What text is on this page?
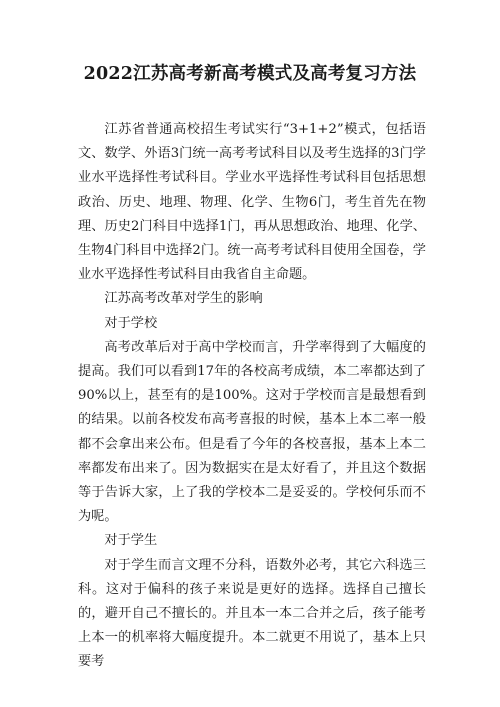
2022江苏高考新高考模式及高考复习方法

江苏省普通高校招生考试实行“3+1+2”模式，包括语文、数学、外语3门统一高考考试科目以及考生选择的3门学业水平选择性考试科目。学业水平选择性考试科目包括思想政治、历史、地理、物理、化学、生物6门，考生首先在物理、历史2门科目中选择1门，再从思想政治、地理、化学、生物4门科目中选择2门。统一高考考试科目使用全国卷，学业水平选择性考试科目由我省自主命题。

江苏高考改革对学生的影响

对于学校

高考改革后对于高中学校而言，升学率得到了大幅度的提高。我们可以看到17年的各校高考成绩，本二率都达到了90%以上，甚至有的是100%。这对于学校而言是最想看到的结果。以前各校发布高考喜报的时候，基本上本二率一般都不会拿出来公布。但是看了今年的各校喜报，基本上本二率都发布出来了。因为数据实在是太好看了，并且这个数据等于告诉大家，上了我的学校本二是妥妥的。学校何乐而不为呢。

对于学生

对于学生而言文理不分科，语数外必考，其它六科选三科。这对于偏科的孩子来说是更好的选择。选择自己擅长的，避开自己不擅长的。并且本一本二合并之后，孩子能考上本一的机率将大幅度提升。本二就更不用说了，基本上只要考
